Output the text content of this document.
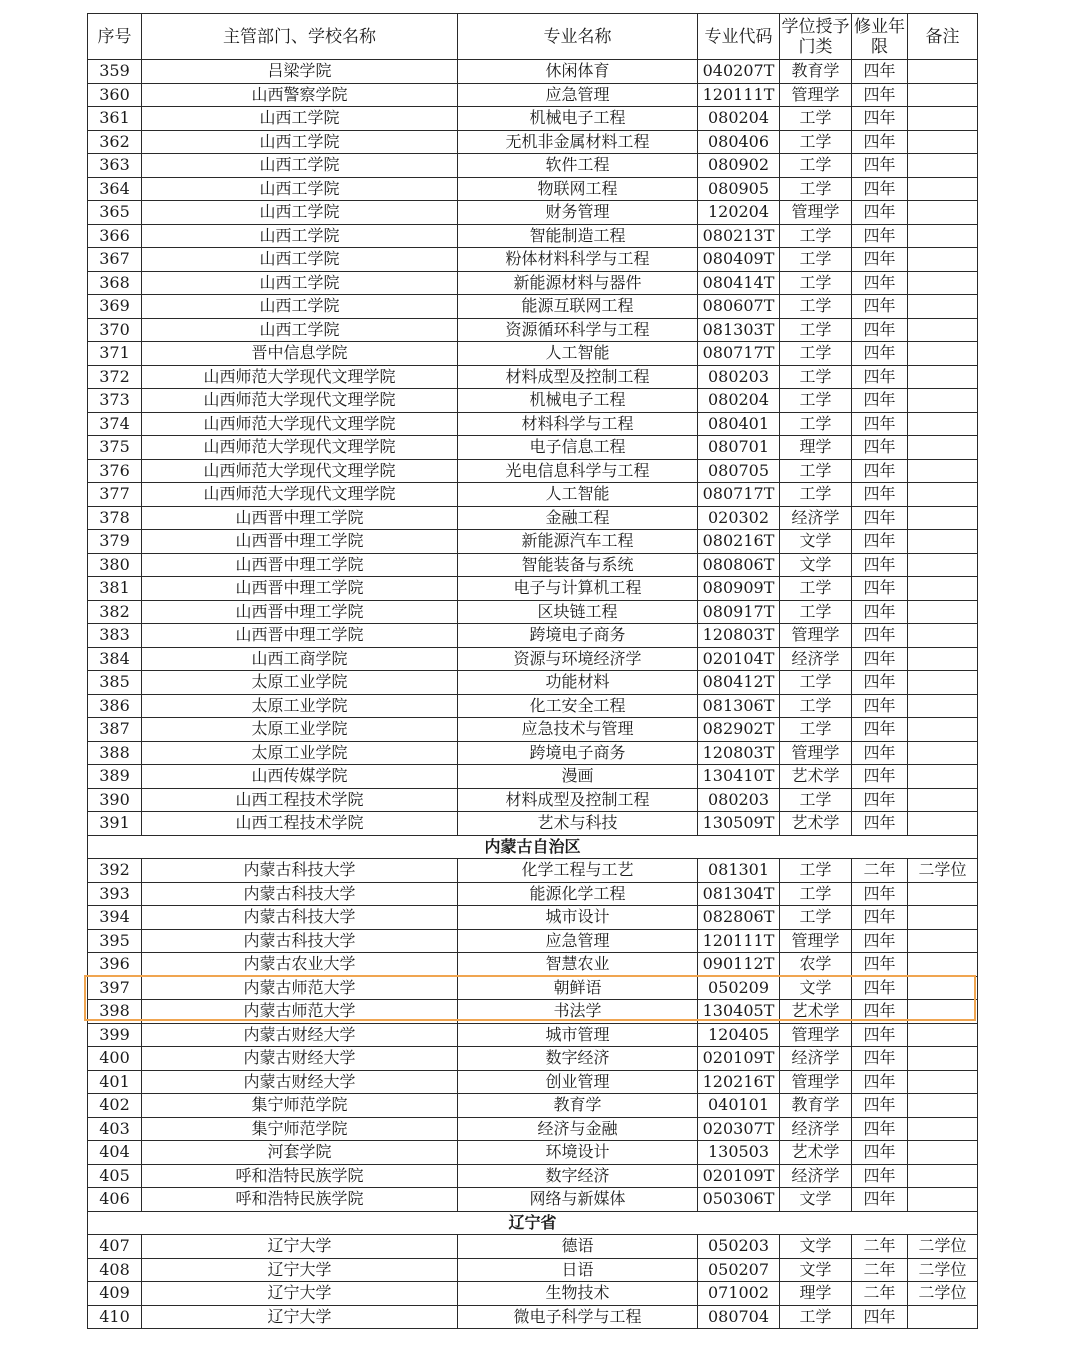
序号	主管部门、学校名称	专业名称	专业代码	学位授予门类	修业年限	备注
359	吕梁学院	休闲体育	040207T	教育学	四年	
360	山西警察学院	应急管理	120111T	管理学	四年	
361	山西工学院	机械电子工程	080204	工学	四年	
362	山西工学院	无机非金属材料工程	080406	工学	四年	
363	山西工学院	软件工程	080902	工学	四年	
364	山西工学院	物联网工程	080905	工学	四年	
365	山西工学院	财务管理	120204	管理学	四年	
366	山西工学院	智能制造工程	080213T	工学	四年	
367	山西工学院	粉体材料科学与工程	080409T	工学	四年	
368	山西工学院	新能源材料与器件	080414T	工学	四年	
369	山西工学院	能源互联网工程	080607T	工学	四年	
370	山西工学院	资源循环科学与工程	081303T	工学	四年	
371	晋中信息学院	人工智能	080717T	工学	四年	
372	山西师范大学现代文理学院	材料成型及控制工程	080203	工学	四年	
373	山西师范大学现代文理学院	机械电子工程	080204	工学	四年	
374	山西师范大学现代文理学院	材料科学与工程	080401	工学	四年	
375	山西师范大学现代文理学院	电子信息工程	080701	理学	四年	
376	山西师范大学现代文理学院	光电信息科学与工程	080705	工学	四年	
377	山西师范大学现代文理学院	人工智能	080717T	工学	四年	
378	山西晋中理工学院	金融工程	020302	经济学	四年	
379	山西晋中理工学院	新能源汽车工程	080216T	文学	四年	
380	山西晋中理工学院	智能装备与系统	080806T	文学	四年	
381	山西晋中理工学院	电子与计算机工程	080909T	工学	四年	
382	山西晋中理工学院	区块链工程	080917T	工学	四年	
383	山西晋中理工学院	跨境电子商务	120803T	管理学	四年	
384	山西工商学院	资源与环境经济学	020104T	经济学	四年	
385	太原工业学院	功能材料	080412T	工学	四年	
386	太原工业学院	化工安全工程	081306T	工学	四年	
387	太原工业学院	应急技术与管理	082902T	工学	四年	
388	太原工业学院	跨境电子商务	120803T	管理学	四年	
389	山西传媒学院	漫画	130410T	艺术学	四年	
390	山西工程技术学院	材料成型及控制工程	080203	工学	四年	
391	山西工程技术学院	艺术与科技	130509T	艺术学	四年	
内蒙古自治区						
392	内蒙古科技大学	化学工程与工艺	081301	工学	二年	二学位
393	内蒙古科技大学	能源化学工程	081304T	工学	四年	
394	内蒙古科技大学	城市设计	082806T	工学	四年	
395	内蒙古科技大学	应急管理	120111T	管理学	四年	
396	内蒙古农业大学	智慧农业	090112T	农学	四年	
397	内蒙古师范大学	朝鲜语	050209	文学	四年	
398	内蒙古师范大学	书法学	130405T	艺术学	四年	
399	内蒙古财经大学	城市管理	120405	管理学	四年	
400	内蒙古财经大学	数字经济	020109T	经济学	四年	
401	内蒙古财经大学	创业管理	120216T	管理学	四年	
402	集宁师范学院	教育学	040101	教育学	四年	
403	集宁师范学院	经济与金融	020307T	经济学	四年	
404	河套学院	环境设计	130503	艺术学	四年	
405	呼和浩特民族学院	数字经济	020109T	经济学	四年	
406	呼和浩特民族学院	网络与新媒体	050306T	文学	四年	
辽宁省						
407	辽宁大学	德语	050203	文学	二年	二学位
408	辽宁大学	日语	050207	文学	二年	二学位
409	辽宁大学	生物技术	071002	理学	二年	二学位
410	辽宁大学	微电子科学与工程	080704	工学	四年	
